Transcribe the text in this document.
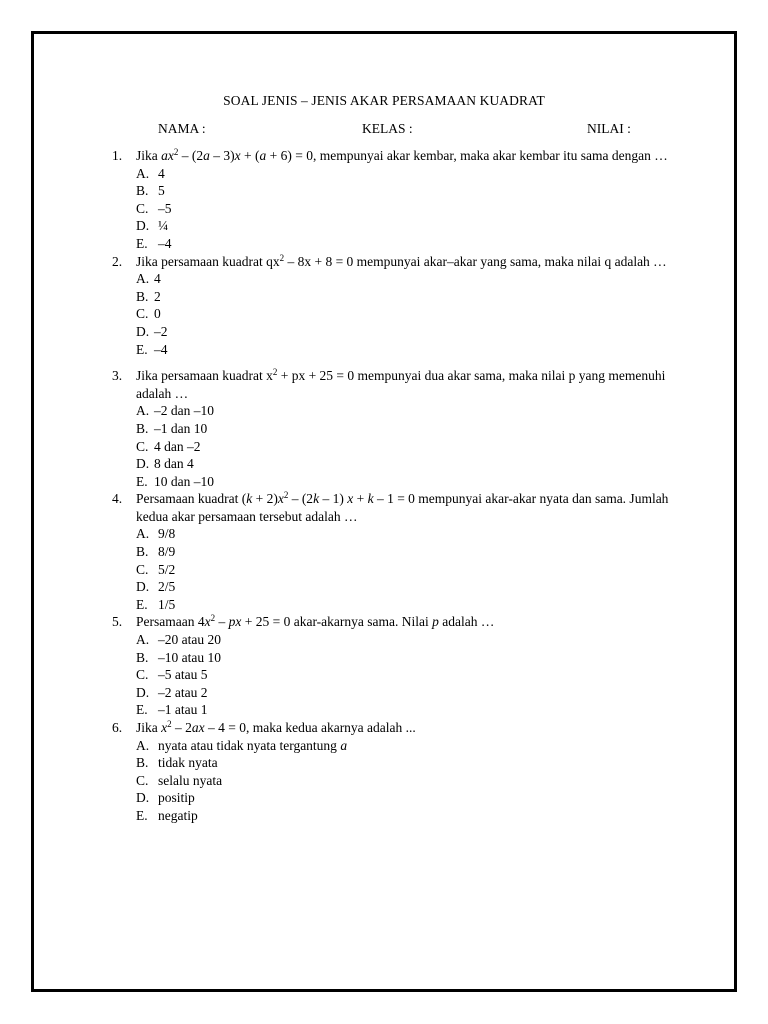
SOAL JENIS – JENIS AKAR PERSAMAAN KUADRAT
NAMA :	KELAS :	NILAI :
1. Jika $ax^2 - (2a - 3)x + (a + 6) = 0$, mempunyai akar kembar, maka akar kembar itu sama dengan …
A. 4
B. 5
C. –5
D. ¼
E. –4
2. Jika persamaan kuadrat $qx^2 - 8x + 8 = 0$ mempunyai akar–akar yang sama, maka nilai q adalah …
A. 4
B. 2
C. 0
D. –2
E. –4
3. Jika persamaan kuadrat $x^2$ + px + 25 = 0 mempunyai dua akar sama, maka nilai p yang memenuhi adalah …
A. –2 dan –10
B. –1 dan 10
C. 4 dan –2
D. 8 dan 4
E. 10 dan –10
4. Persamaan kuadrat $(k + 2)x^2 - (2k - 1)$ x + k – 1 = 0 mempunyai akar-akar nyata dan sama. Jumlah kedua akar persamaan tersebut adalah …
A. 9/8
B. 8/9
C. 5/2
D. 2/5
E. 1/5
5. Persamaan $4x^2$ – px + 25 = 0 akar-akarnya sama. Nilai p adalah …
A. –20 atau 20
B. –10 atau 10
C. –5 atau 5
D. –2 atau 2
E. –1 atau 1
6. Jika $x^2 - 2ax - 4 = 0$, maka kedua akarnya adalah ...
A. nyata atau tidak nyata tergantung a
B. tidak nyata
C. selalu nyata
D. positip
E. negatip
